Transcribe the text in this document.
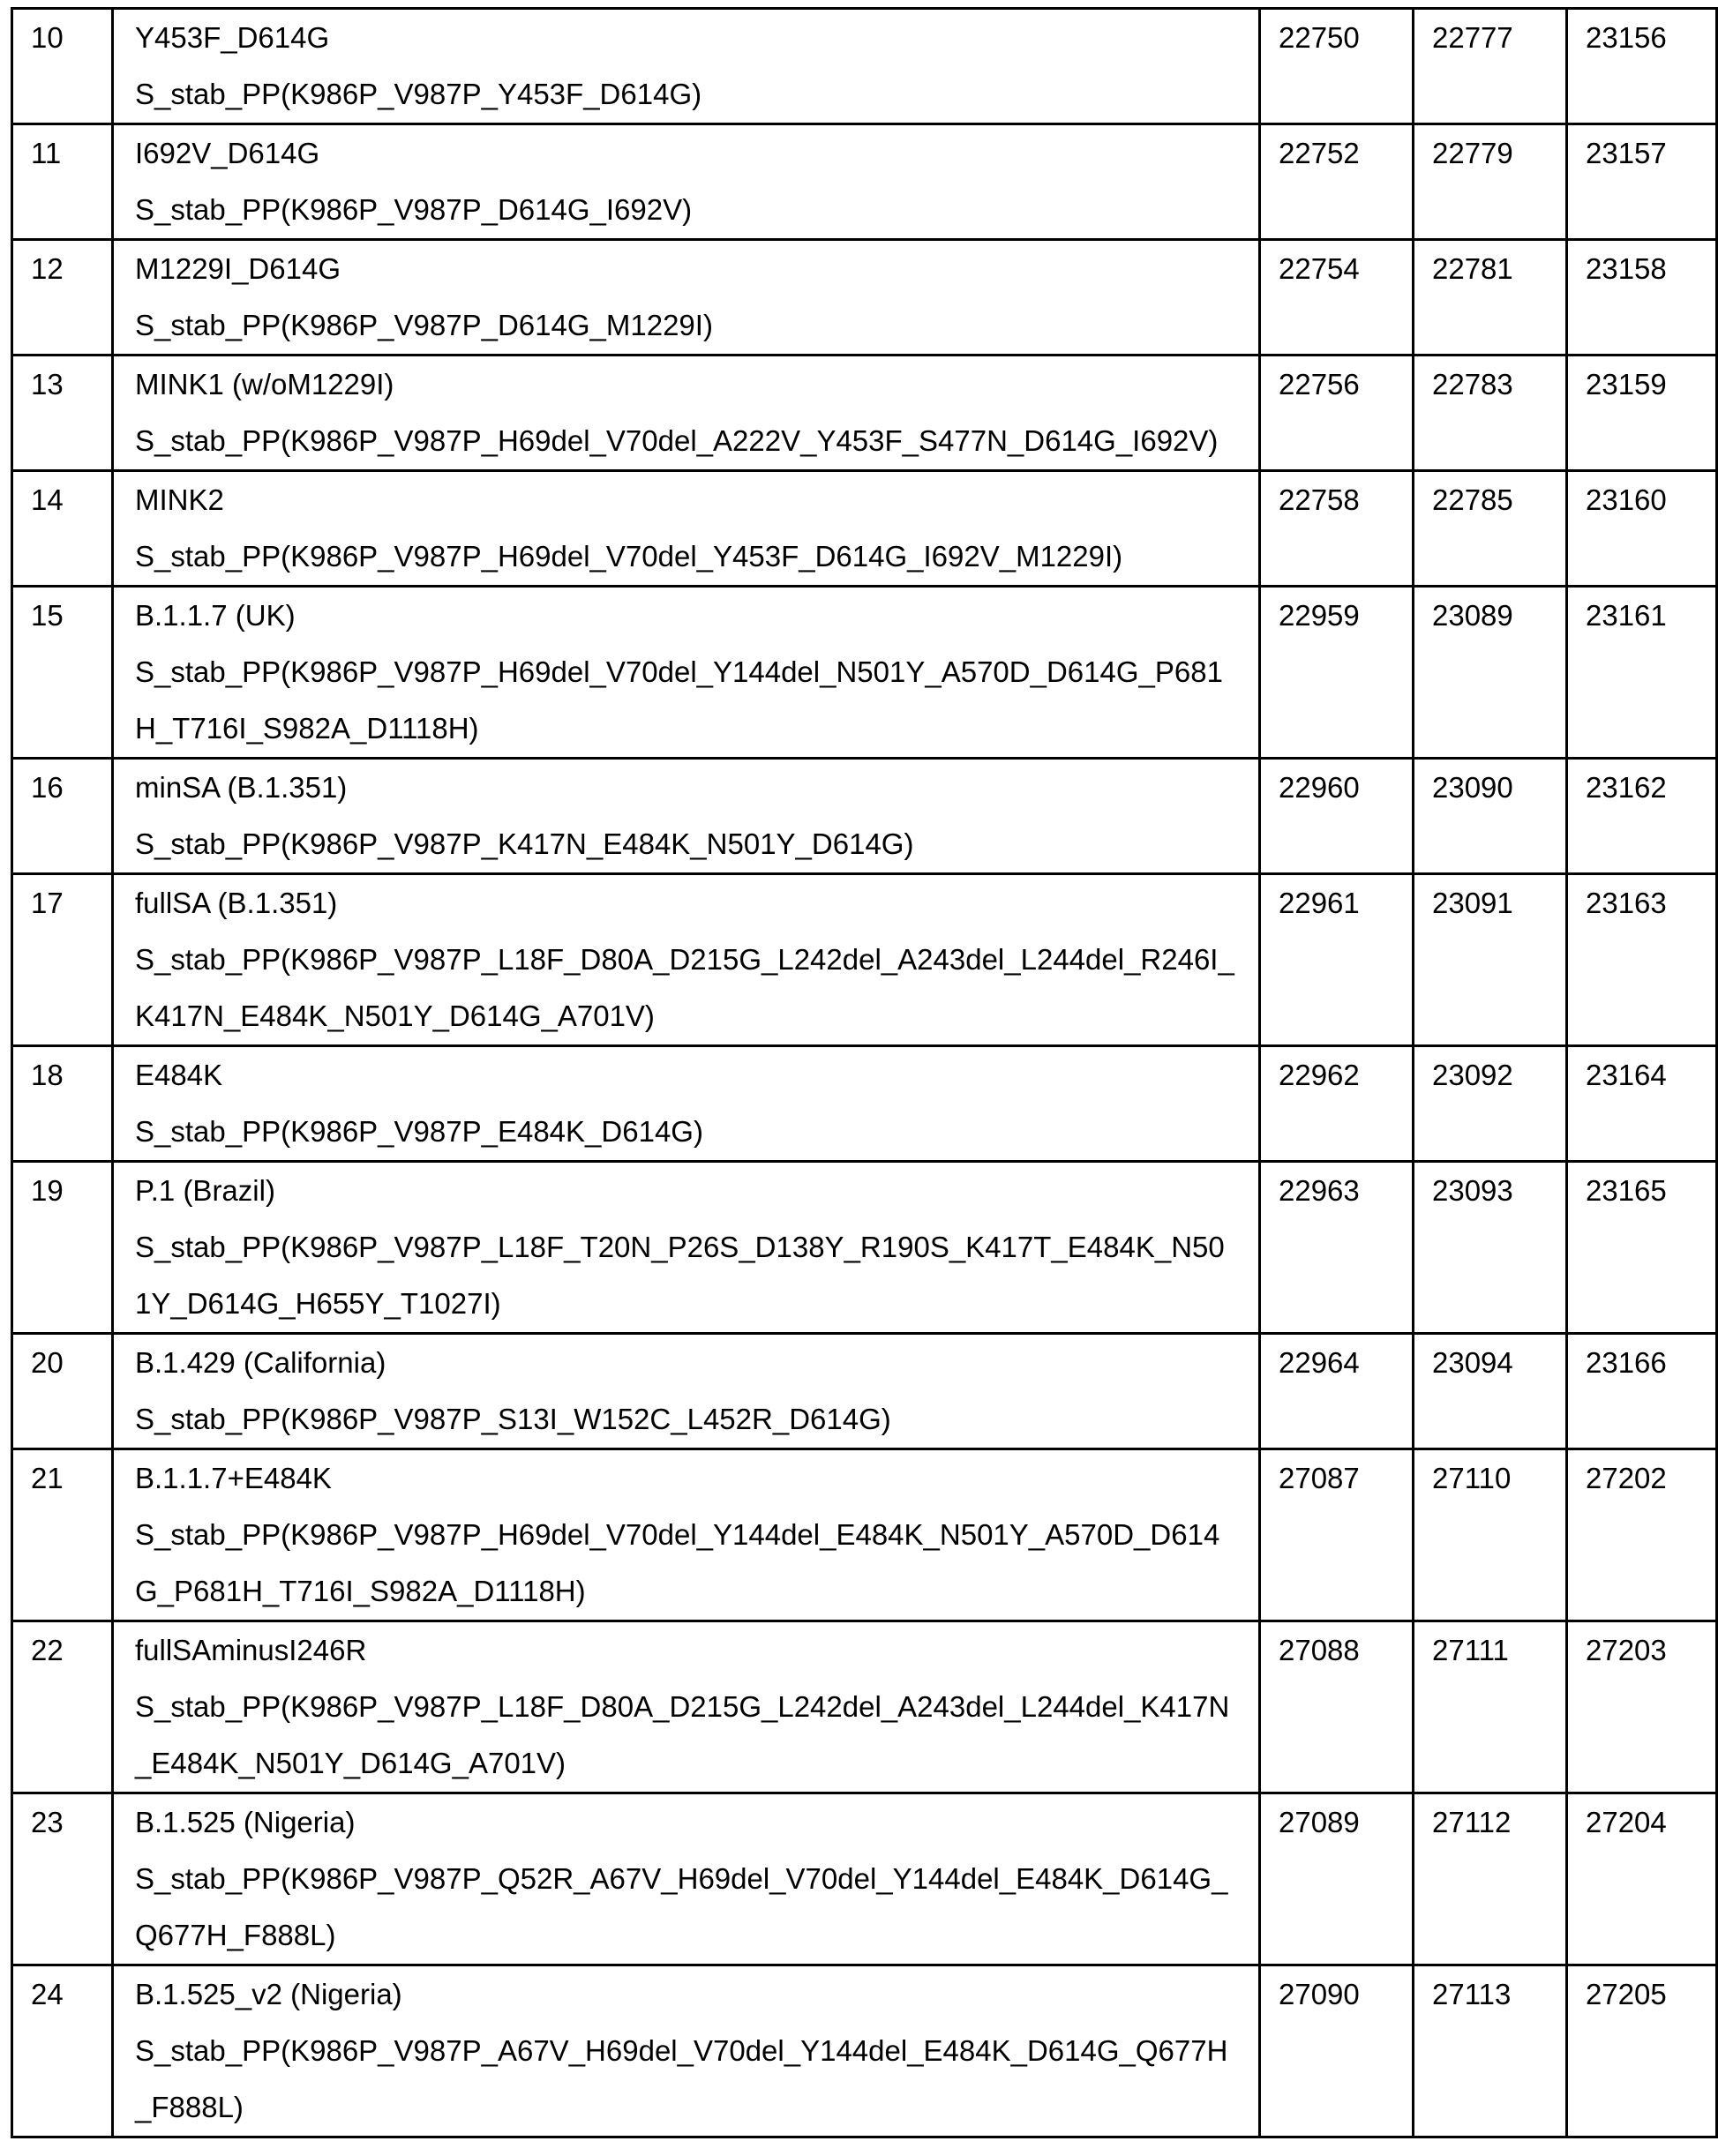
10	Y453F_D614G
S_stab_PP(K986P_V987P_Y453F_D614G)
	22750	22777	23156
11	I692V_D614G
S_stab_PP(K986P_V987P_D614G_I692V)
	22752	22779	23157
12	M1229I_D614G
S_stab_PP(K986P_V987P_D614G_M1229I)
	22754	22781	23158
13	MINK1 (w/oM1229I)
S_stab_PP(K986P_V987P_H69del_V70del_A222V_Y453F_S477N_D614G_I692V)
	22756	22783	23159
14	MINK2
S_stab_PP(K986P_V987P_H69del_V70del_Y453F_D614G_I692V_M1229I)
	22758	22785	23160
15	B.1.1.7 (UK)
S_stab_PP(K986P_V987P_H69del_V70del_Y144del_N501Y_A570D_D614G_P681H_T716I_S982A_D1118H)
	22959	23089	23161
16	minSA (B.1.351)
S_stab_PP(K986P_V987P_K417N_E484K_N501Y_D614G)
	22960	23090	23162
17	fullSA (B.1.351)
S_stab_PP(K986P_V987P_L18F_D80A_D215G_L242del_A243del_L244del_R246I_K417N_E484K_N501Y_D614G_A701V)
	22961	23091	23163
18	E484K
S_stab_PP(K986P_V987P_E484K_D614G)
	22962	23092	23164
19	P.1 (Brazil)
S_stab_PP(K986P_V987P_L18F_T20N_P26S_D138Y_R190S_K417T_E484K_N501Y_D614G_H655Y_T1027I)
	22963	23093	23165
20	B.1.429 (California)
S_stab_PP(K986P_V987P_S13I_W152C_L452R_D614G)
	22964	23094	23166
21	B.1.1.7+E484K
S_stab_PP(K986P_V987P_H69del_V70del_Y144del_E484K_N501Y_A570D_D614G_P681H_T716I_S982A_D1118H)
	27087	27110	27202
22	fullSAminusI246R
S_stab_PP(K986P_V987P_L18F_D80A_D215G_L242del_A243del_L244del_K417N_E484K_N501Y_D614G_A701V)
	27088	27111	27203
23	B.1.525 (Nigeria)
S_stab_PP(K986P_V987P_Q52R_A67V_H69del_V70del_Y144del_E484K_D614G_Q677H_F888L)
	27089	27112	27204
24	B.1.525_v2 (Nigeria)
S_stab_PP(K986P_V987P_A67V_H69del_V70del_Y144del_E484K_D614G_Q677H_F888L)
	27090	27113	27205
